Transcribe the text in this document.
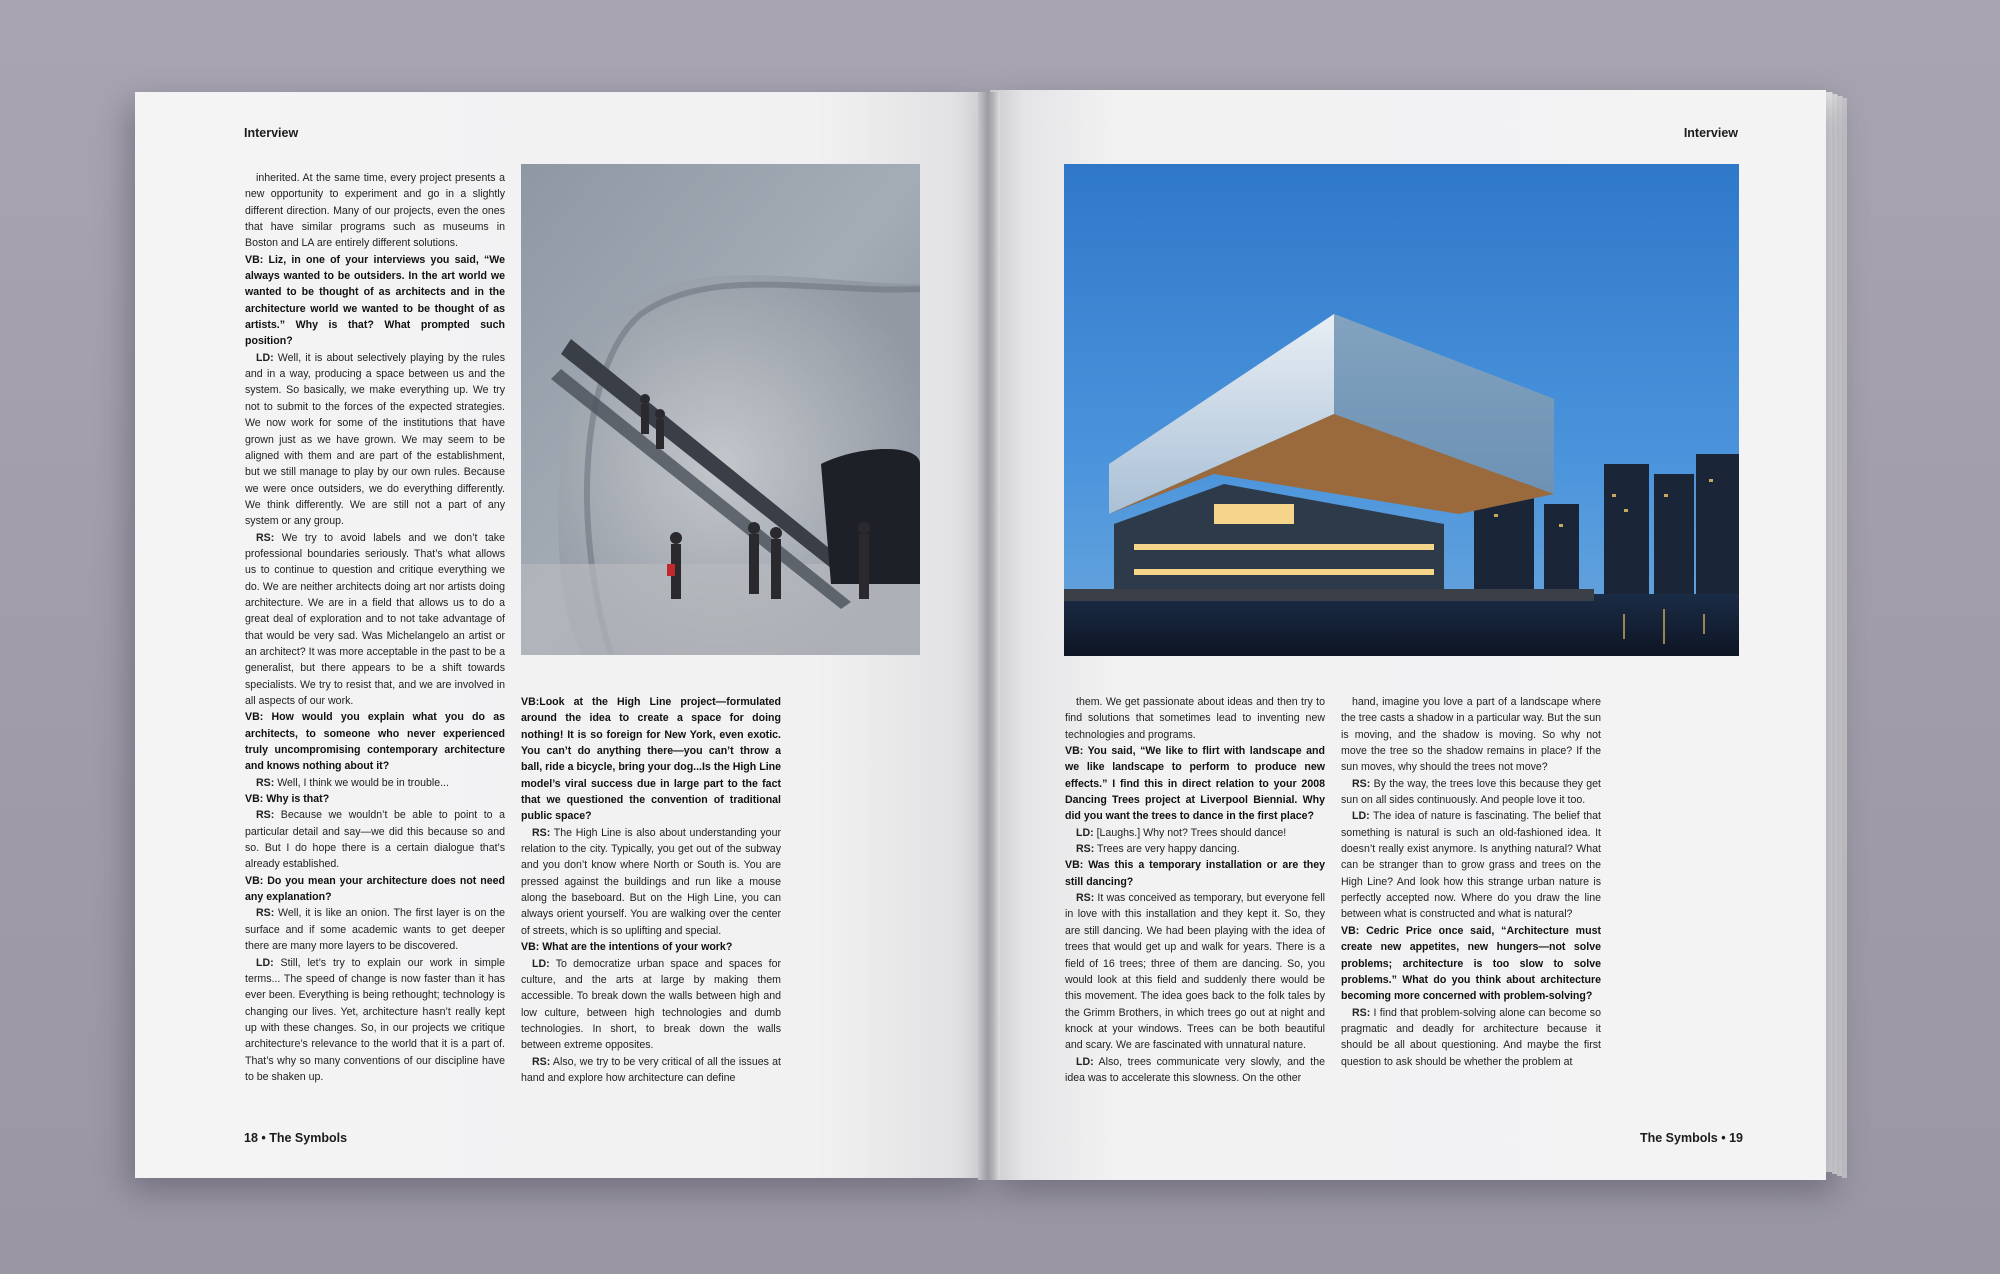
Interview

inherited. At the same time, every project presents a new opportunity to experiment and go in a slightly different direction. Many of our projects, even the ones that have similar programs such as museums in Boston and LA are entirely different solutions.

VB: Liz, in one of your interviews you said, “We always wanted to be outsiders. In the art world we wanted to be thought of as architects and in the architecture world we wanted to be thought of as artists.” Why is that? What prompted such position?

LD: Well, it is about selectively playing by the rules and in a way, producing a space between us and the system. So basically, we make everything up. We try not to submit to the forces of the expected strategies. We now work for some of the institutions that have grown just as we have grown. We may seem to be aligned with them and are part of the establishment, but we still manage to play by our own rules. Because we were once outsiders, we do everything differently. We think differently. We are still not a part of any system or any group.

RS: We try to avoid labels and we don’t take professional boundaries seriously. That’s what allows us to continue to question and critique everything we do. We are neither architects doing art nor artists doing architecture. We are in a field that allows us to do a great deal of exploration and to not take advantage of that would be very sad. Was Michelangelo an artist or an architect? It was more acceptable in the past to be a generalist, but there appears to be a shift towards specialists. We try to resist that, and we are involved in all aspects of our work.

VB: How would you explain what you do as architects, to someone who never experienced truly uncompromising contemporary architecture and knows nothing about it?

RS: Well, I think we would be in trouble...

VB: Why is that?

RS: Because we wouldn’t be able to point to a particular detail and say—we did this because so and so. But I do hope there is a certain dialogue that’s already established.

VB: Do you mean your architecture does not need any explanation?

RS: Well, it is like an onion. The first layer is on the surface and if some academic wants to get deeper there are many more layers to be discovered.

LD: Still, let’s try to explain our work in simple terms... The speed of change is now faster than it has ever been. Everything is being rethought; technology is changing our lives. Yet, architecture hasn’t really kept up with these changes. So, in our projects we critique architecture’s relevance to the world that it is a part of. That’s why so many conventions of our discipline have to be shaken up.

VB:Look at the High Line project—formulated around the idea to create a space for doing nothing! It is so foreign for New York, even exotic. You can’t do anything there—you can’t throw a ball, ride a bicycle, bring your dog...Is the High Line model’s viral success due in large part to the fact that we questioned the convention of traditional public space?

RS: The High Line is also about understanding your relation to the city. Typically, you get out of the subway and you don’t know where North or South is. You are pressed against the buildings and run like a mouse along the baseboard. But on the High Line, you can always orient yourself. You are walking over the center of streets, which is so uplifting and special.

VB: What are the intentions of your work?

LD: To democratize urban space and spaces for culture, and the arts at large by making them accessible. To break down the walls between high and low culture, between high technologies and dumb technologies. In short, to break down the walls between extreme opposites.

RS: Also, we try to be very critical of all the issues at hand and explore how architecture can define

18 • The Symbols
Interview

them. We get passionate about ideas and then try to find solutions that sometimes lead to inventing new technologies and programs.

VB: You said, “We like to flirt with landscape and we like landscape to perform to produce new effects.” I find this in direct relation to your 2008 Dancing Trees project at Liverpool Biennial. Why did you want the trees to dance in the first place?

LD: [Laughs.] Why not? Trees should dance!

RS: Trees are very happy dancing.

VB: Was this a temporary installation or are they still dancing?

RS: It was conceived as temporary, but everyone fell in love with this installation and they kept it. So, they are still dancing. We had been playing with the idea of trees that would get up and walk for years. There is a field of 16 trees; three of them are dancing. So, you would look at this field and suddenly there would be this movement. The idea goes back to the folk tales by the Grimm Brothers, in which trees go out at night and knock at your windows. Trees can be both beautiful and scary. We are fascinated with unnatural nature.

LD: Also, trees communicate very slowly, and the idea was to accelerate this slowness. On the other

hand, imagine you love a part of a landscape where the tree casts a shadow in a particular way. But the sun is moving, and the shadow is moving. So why not move the tree so the shadow remains in place? If the sun moves, why should the trees not move?

RS: By the way, the trees love this because they get sun on all sides continuously. And people love it too.

LD: The idea of nature is fascinating. The belief that something is natural is such an old-fashioned idea. It doesn’t really exist anymore. Is anything natural? What can be stranger than to grow grass and trees on the High Line? And look how this strange urban nature is perfectly accepted now. Where do you draw the line between what is constructed and what is natural?

VB: Cedric Price once said, “Architecture must create new appetites, new hungers—not solve problems; architecture is too slow to solve problems.” What do you think about architecture becoming more concerned with problem-solving?

RS: I find that problem-solving alone can become so pragmatic and deadly for architecture because it should be all about questioning. And maybe the first question to ask should be whether the problem at

The Symbols • 19
